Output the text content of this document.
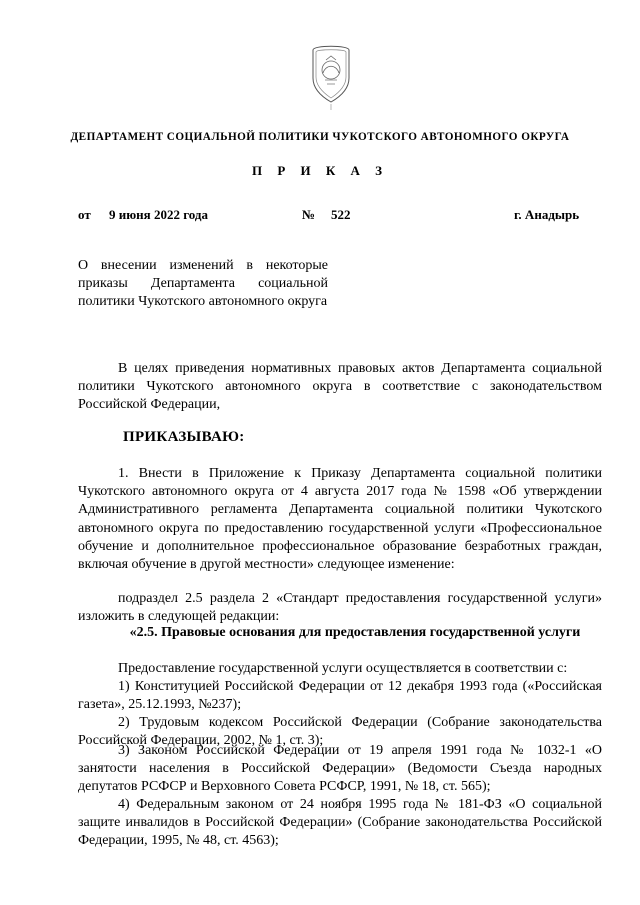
ДЕПАРТАМЕНТ СОЦИАЛЬНОЙ ПОЛИТИКИ ЧУКОТСКОГО АВТОНОМНОГО ОКРУГА
П Р И К А З
от 9 июня 2022 года	№ 522	г. Анадырь
О внесении изменений в некоторые приказы Департамента социальной политики Чукотского автономного округа
В целях приведения нормативных правовых актов Департамента социальной политики Чукотского автономного округа в соответствие с законодательством Российской Федерации,
ПРИКАЗЫВАЮ:
1. Внести в Приложение к Приказу Департамента социальной политики Чукотского автономного округа от 4 августа 2017 года № 1598 «Об утверждении Административного регламента Департамента социальной политики Чукотского автономного округа по предоставлению государственной услуги «Профессиональное обучение и дополнительное профессиональное образование безработных граждан, включая обучение в другой местности» следующее изменение:
подраздел 2.5 раздела 2 «Стандарт предоставления государственной услуги» изложить в следующей редакции:
«2.5. Правовые основания для предоставления государственной услуги
Предоставление государственной услуги осуществляется в соответствии с:
1) Конституцией Российской Федерации от 12 декабря 1993 года («Российская газета», 25.12.1993, №237);
2) Трудовым кодексом Российской Федерации (Собрание законодательства Российской Федерации, 2002, № 1, ст. 3);
3) Законом Российской Федерации от 19 апреля 1991 года № 1032-1 «О занятости населения в Российской Федерации» (Ведомости Съезда народных депутатов РСФСР и Верховного Совета РСФСР, 1991, № 18, ст. 565);
4) Федеральным законом от 24 ноября 1995 года № 181-ФЗ «О социальной защите инвалидов в Российской Федерации» (Собрание законодательства Российской Федерации, 1995, № 48, ст. 4563);
